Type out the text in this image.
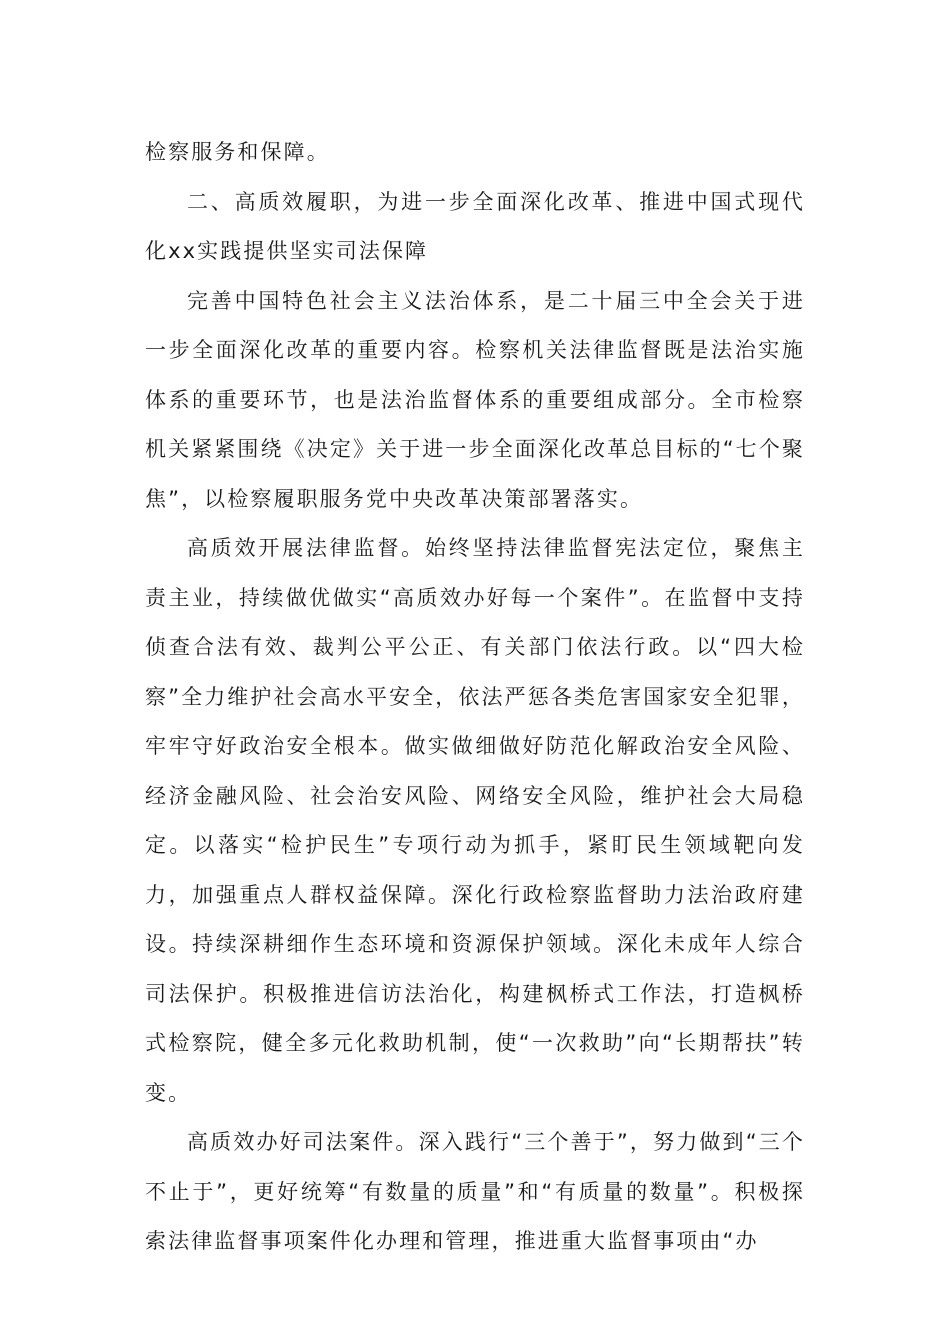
检察服务和保障。

二、高质效履职，为进一步全面深化改革、推进中国式现代化xx实践提供坚实司法保障

完善中国特色社会主义法治体系，是二十届三中全会关于进一步全面深化改革的重要内容。检察机关法律监督既是法治实施体系的重要环节，也是法治监督体系的重要组成部分。全市检察机关紧紧围绕《决定》关于进一步全面深化改革总目标的“七个聚焦”，以检察履职服务党中央改革决策部署落实。

高质效开展法律监督。始终坚持法律监督宪法定位，聚焦主责主业，持续做优做实“高质效办好每一个案件”。在监督中支持侦查合法有效、裁判公平公正、有关部门依法行政。以“四大检察”全力维护社会高水平安全，依法严惩各类危害国家安全犯罪，牢牢守好政治安全根本。做实做细做好防范化解政治安全风险、经济金融风险、社会治安风险、网络安全风险，维护社会大局稳定。以落实“检护民生”专项行动为抓手，紧盯民生领域靶向发力，加强重点人群权益保障。深化行政检察监督助力法治政府建设。持续深耕细作生态环境和资源保护领域。深化未成年人综合司法保护。积极推进信访法治化，构建枫桥式工作法，打造枫桥式检察院，健全多元化救助机制，使“一次救助”向“长期帮扶”转变。

高质效办好司法案件。深入践行“三个善于”，努力做到“三个不止于”，更好统筹“有数量的质量”和“有质量的数量”。积极探索法律监督事项案件化办理和管理，推进重大监督事项由“办
